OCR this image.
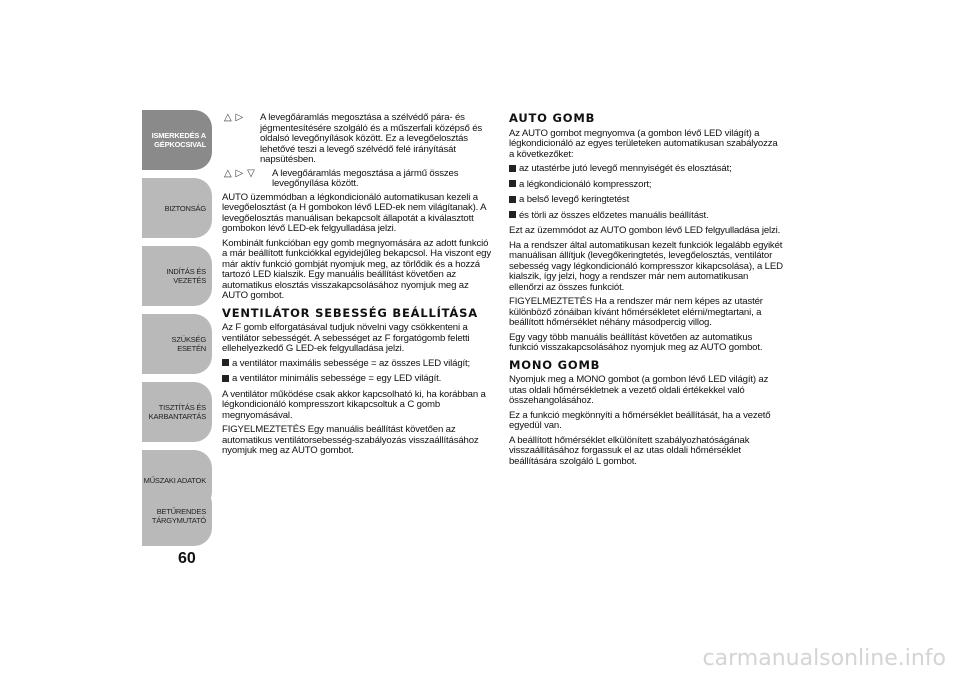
ISMERKEDÉS A GÉPKOCSIVAL
BIZTONSÁG
INDÍTÁS ÉS VEZETÉS
SZÜKSÉG ESETÉN
TISZTÍTÁS ÉS KARBANTARTÁS
MŰSZAKI ADATOK
BETŰRENDES TÁRGYMUTATÓ
60
△ ▷ A levegőáramlás megosztása a szélvédő pára- és jégmentesítésére szolgáló és a műszerfali középső és oldalsó levegőnyílások között. Ez a levegőelosztás lehetővé teszi a levegő szélvédő felé irányítását napsütésben.
△ ▷ ▽ A levegőáramlás megosztása a jármű összes levegőnyílása között.

AUTO üzemmódban a légkondicionáló automatikusan kezeli a levegőelosztást (a H gombokon lévő LED-ek nem világítanak). A levegőelosztás manuálisan bekapcsolt állapotát a kiválasztott gombokon lévő LED-ek felgyulladása jelzi.

Kombinált funkcióban egy gomb megnyomására az adott funkció a már beállított funkciókkal egyidejűleg bekapcsol. Ha viszont egy már aktív funkció gombját nyomjuk meg, az törlődik és a hozzá tartozó LED kialszik. Egy manuális beállítást követően az automatikus elosztás visszakapcsolásához nyomjuk meg az AUTO gombot.

VENTILÁTOR SEBESSÉG BEÁLLÍTÁSA

Az F gomb elforgatásával tudjuk növelni vagy csökkenteni a ventilátor sebességét. A sebességet az F forgatógomb feletti ellehelyezkedő G LED-ek felgyulladása jelzi.

a ventilátor maximális sebessége = az összes LED világít;
a ventilátor minimális sebessége = egy LED világít.

A ventilátor működése csak akkor kapcsolható ki, ha korábban a légkondicionáló kompresszort kikapcsoltuk a C gomb megnyomásával.

FIGYELMEZTETÉS Egy manuális beállítást követően az automatikus ventilátorsebesség-szabályozás visszaállításához nyomjuk meg az AUTO gombot.

AUTO GOMB

Az AUTO gombot megnyomva (a gombon lévő LED világít) a légkondicionáló az egyes területeken automatikusan szabályozza a következőket:

az utastérbe jutó levegő mennyiségét és elosztását;
a légkondicionáló kompresszort;
a belső levegő keringtetést
és törli az összes előzetes manuális beállítást.

Ezt az üzemmódot az AUTO gombon lévő LED felgyulladása jelzi.

Ha a rendszer által automatikusan kezelt funkciók legalább egyikét manuálisan állítjuk (levegőkeringtetés, levegőelosztás, ventilátor sebesség vagy légkondicionáló kompresszor kikapcsolása), a LED kialszik, így jelzi, hogy a rendszer már nem automatikusan ellenőrzi az összes funkciót.

FIGYELMEZTETÉS Ha a rendszer már nem képes az utastér különböző zónáiban kívánt hőmérsékletet elérni/megtartani, a beállított hőmérséklet néhány másodpercig villog.

Egy vagy több manuális beállítást követően az automatikus funkció visszakapcsolásához nyomjuk meg az AUTO gombot.

MONO GOMB

Nyomjuk meg a MONO gombot (a gombon lévő LED világít) az utas oldali hőmérsékletnek a vezető oldali értékekkel való összehangolásához.

Ez a funkció megkönnyíti a hőmérséklet beállítását, ha a vezető egyedül van.

A beállított hőmérséklet elkülönített szabályozhatóságának visszaállításához forgassuk el az utas oldali hőmérséklet beállítására szolgáló L gombot.

carmanualsonline.info
